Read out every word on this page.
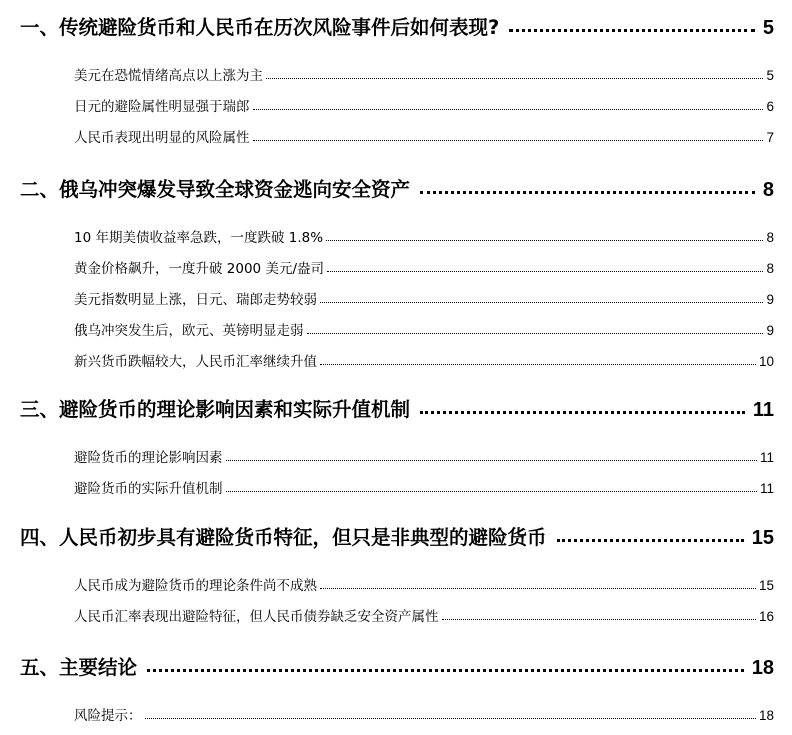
一、传统避险货币和人民币在历次风险事件后如何表现?	5
美元在恐慌情绪高点以上涨为主	5
日元的避险属性明显强于瑞郎	6
人民币表现出明显的风险属性	7
二、俄乌冲突爆发导致全球资金逃向安全资产	8
10 年期美债收益率急跌，一度跌破 1.8%	8
黄金价格飙升，一度升破 2000 美元/盎司	8
美元指数明显上涨，日元、瑞郎走势较弱	9
俄乌冲突发生后，欧元、英镑明显走弱	9
新兴货币跌幅较大，人民币汇率继续升值	10
三、避险货币的理论影响因素和实际升值机制	11
避险货币的理论影响因素	11
避险货币的实际升值机制	11
四、人民币初步具有避险货币特征，但只是非典型的避险货币	15
人民币成为避险货币的理论条件尚不成熟	15
人民币汇率表现出避险特征，但人民币债券缺乏安全资产属性	16
五、主要结论	18
风险提示：	18
